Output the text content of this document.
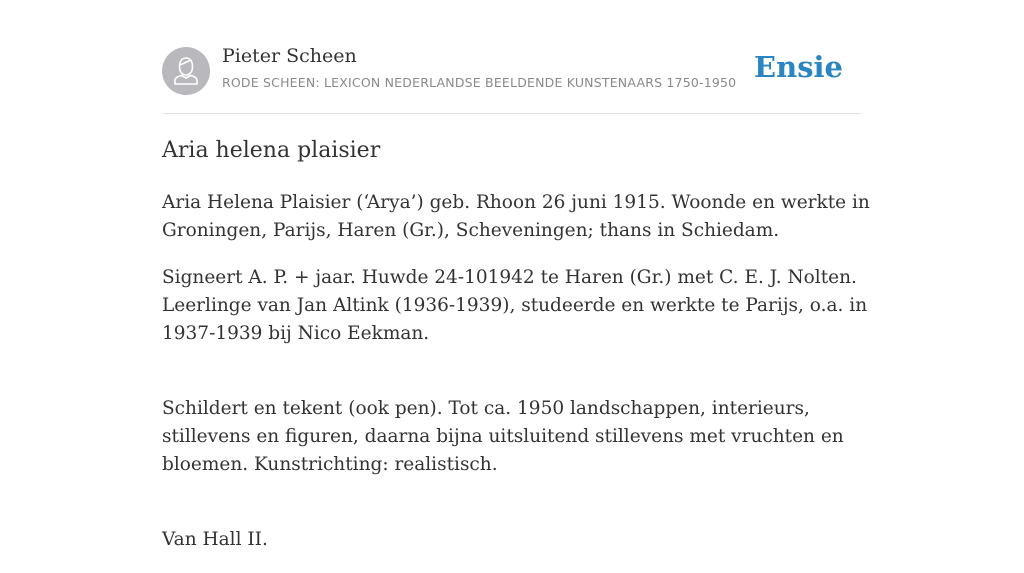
Pieter Scheen
RODE SCHEEN: LEXICON NEDERLANDSE BEELDENDE KUNSTENAARS 1750-1950 Ensie
Aria helena plaisier

Aria Helena Plaisier (‘Arya’) geb. Rhoon 26 juni 1915. Woonde en werkte in Groningen, Parijs, Haren (Gr.), Scheveningen; thans in Schiedam.

Signeert A. P. + jaar. Huwde 24-101942 te Haren (Gr.) met C. E. J. Nolten. Leerlinge van Jan Altink (1936-1939), studeerde en werkte te Parijs, o.a. in 1937-1939 bij Nico Eekman.

Schildert en tekent (ook pen). Tot ca. 1950 landschappen, interieurs, stillevens en figuren, daarna bijna uitsluitend stillevens met vruchten en bloemen. Kunstrichting: realistisch.

Van Hall II.
